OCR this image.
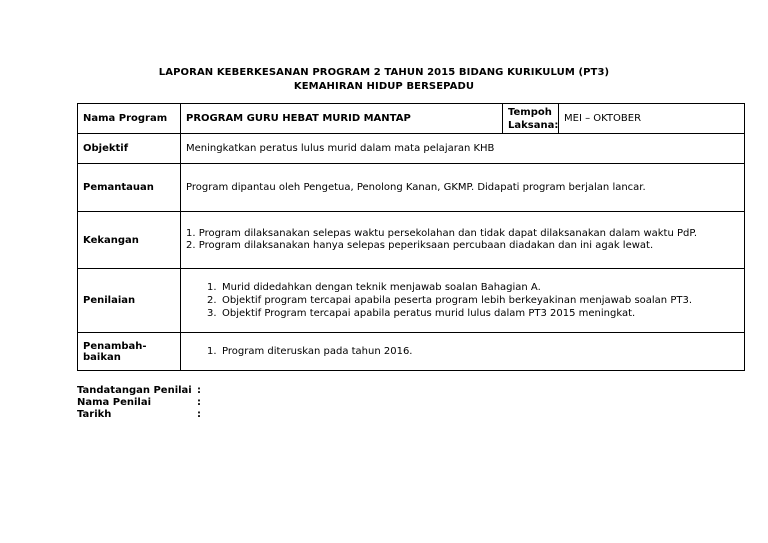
LAPORAN KEBERKESANAN PROGRAM 2 TAHUN 2015 BIDANG KURIKULUM (PT3)
KEMAHIRAN HIDUP BERSEPADU
Nama Program	PROGRAM GURU HEBAT MURID MANTAP	Tempoh
Laksana:	MEI – OKTOBER
Objektif	Meningkatkan peratus lulus murid dalam mata pelajaran KHB		
Pemantauan	Program dipantau oleh Pengetua, Penolong Kanan, GKMP. Didapati program berjalan lancar.		
Kekangan	1. Program dilaksanakan selepas waktu persekolahan dan tidak dapat dilaksanakan dalam waktu PdP.
2. Program dilaksanakan hanya selepas peperiksaan percubaan diadakan dan ini agak lewat.		

Penilaian	1. Murid didedahkan dengan teknik menjawab soalan Bahagian A.
2. Objektif program tercapai apabila peserta program lebih berkeyakinan menjawab soalan PT3.
3. Objektif Program tercapai apabila peratus murid lulus dalam PT3 2015 meningkat.		

Penambah-baikan	1. Program diteruskan pada tahun 2016.		
Tandatangan Penilai :
Nama Penilai	:
Tarikh	:
